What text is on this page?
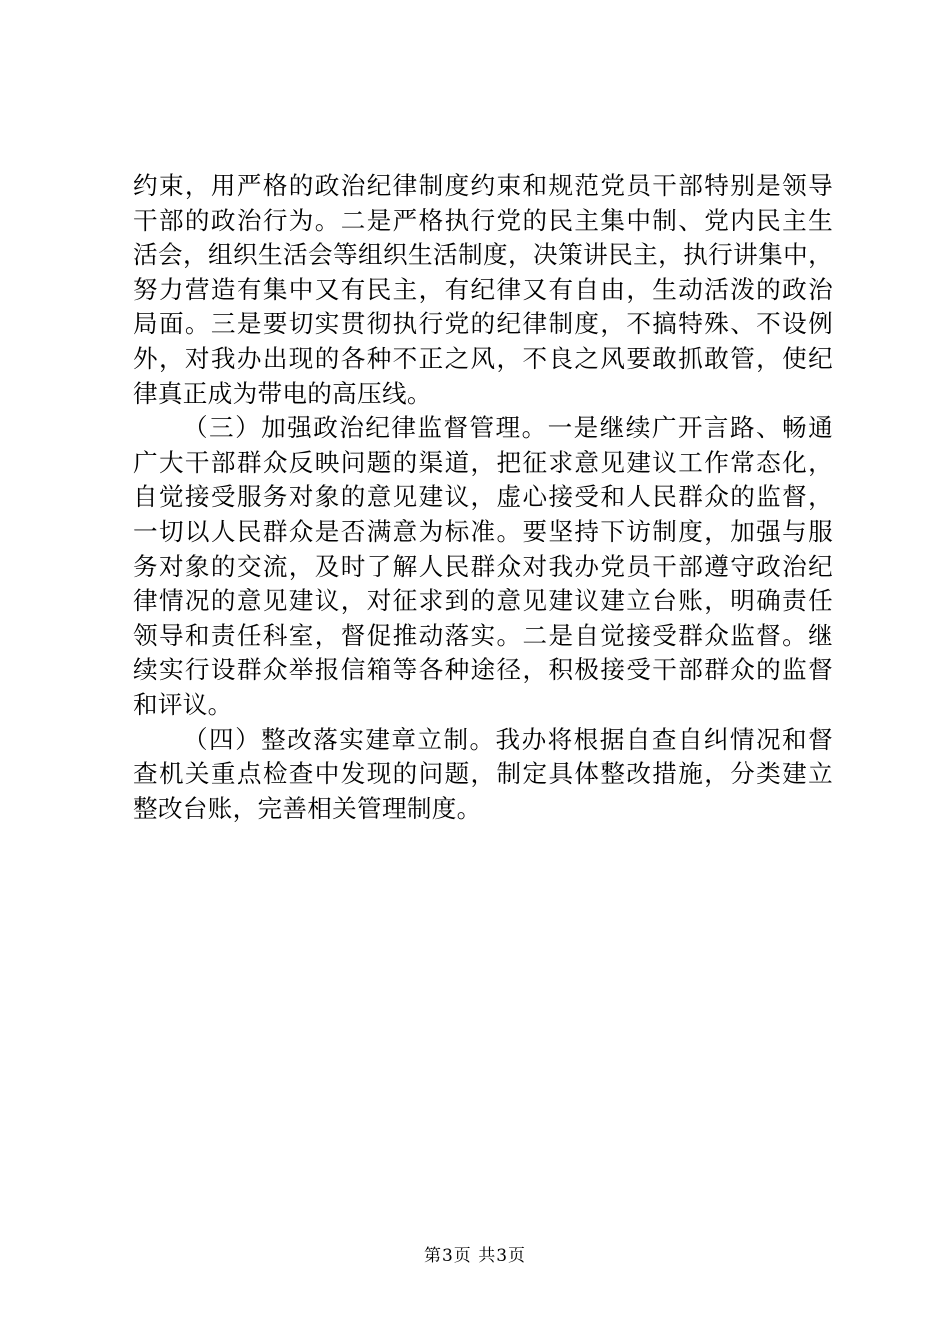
约束，用严格的政治纪律制度约束和规范党员干部特别是领导
干部的政治行为。二是严格执行党的民主集中制、党内民主生
活会，组织生活会等组织生活制度，决策讲民主，执行讲集中，
努力营造有集中又有民主，有纪律又有自由，生动活泼的政治
局面。三是要切实贯彻执行党的纪律制度，不搞特殊、不设例
外，对我办出现的各种不正之风，不良之风要敢抓敢管，使纪
律真正成为带电的高压线。
（三）加强政治纪律监督管理。一是继续广开言路、畅通
广大干部群众反映问题的渠道，把征求意见建议工作常态化，
自觉接受服务对象的意见建议，虚心接受和人民群众的监督，
一切以人民群众是否满意为标准。要坚持下访制度，加强与服
务对象的交流，及时了解人民群众对我办党员干部遵守政治纪
律情况的意见建议，对征求到的意见建议建立台账，明确责任
领导和责任科室，督促推动落实。二是自觉接受群众监督。继
续实行设群众举报信箱等各种途径，积极接受干部群众的监督
和评议。
（四）整改落实建章立制。我办将根据自查自纠情况和督
查机关重点检查中发现的问题，制定具体整改措施，分类建立
整改台账，完善相关管理制度。
第3页 共3页
